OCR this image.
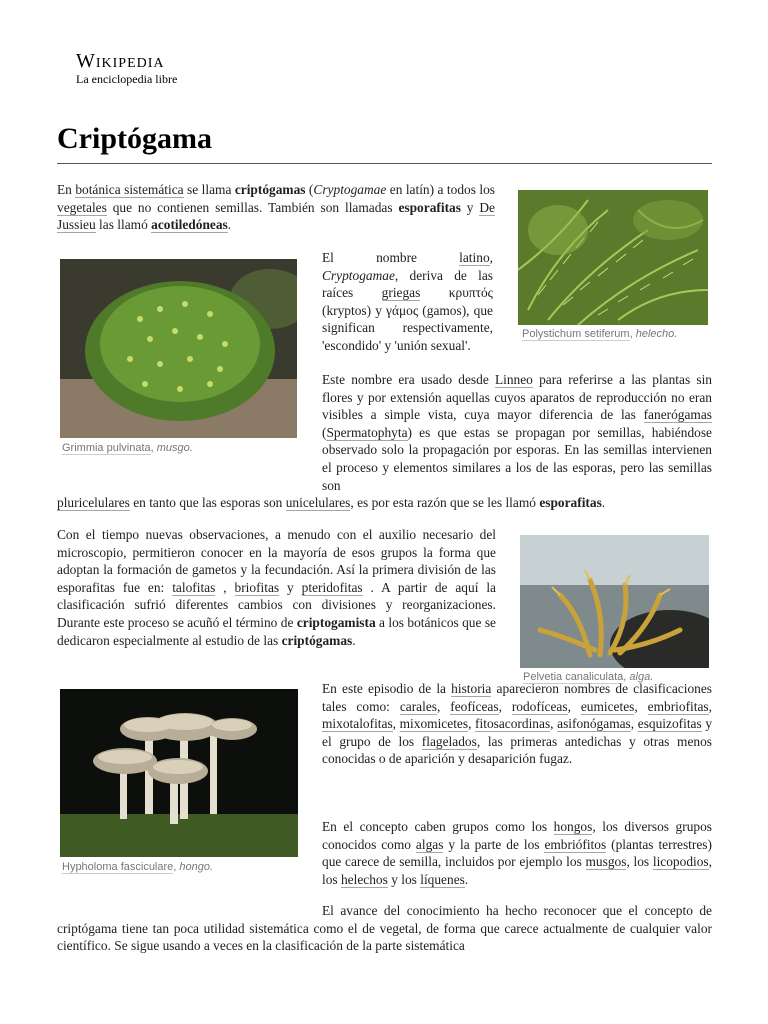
Wikipedia
La enciclopedia libre
Criptógama
En botánica sistemática se llama criptógamas (Cryptogamae en latín) a todos los vegetales que no contienen semillas. También son llamadas esporafitas y De Jussieu las llamó acotiledóneas.
Polystichum setiferum, helecho.
Grimmia pulvinata, musgo.
El nombre latino, Cryptogamae, deriva de las raíces griegas κρυπτός (kryptos) y γάμος (gamos), que significan respectivamente, 'escondido' y 'unión sexual'.
Este nombre era usado desde Linneo para referirse a las plantas sin flores y por extensión aquellas cuyos aparatos de reproducción no eran visibles a simple vista, cuya mayor diferencia de las fanerógamas (Spermatophyta) es que estas se propagan por semillas, habiéndose observado solo la propagación por esporas. En las semillas intervienen el proceso y elementos similares a los de las esporas, pero las semillas son
pluricelulares en tanto que las esporas son unicelulares, es por esta razón que se les llamó esporafitas.
Con el tiempo nuevas observaciones, a menudo con el auxilio necesario del microscopio, permitieron conocer en la mayoría de esos grupos la forma que adoptan la formación de gametos y la fecundación. Así la primera división de las esporafitas fue en: talofitas , briofitas y pteridofitas . A partir de aquí la clasificación sufrió diferentes cambios con divisiones y reorganizaciones. Durante este proceso se acuñó el término de criptogamista a los botánicos que se dedicaron especialmente al estudio de las criptógamas.
Pelvetia canaliculata, alga.
Hypholoma fasciculare, hongo.
En este episodio de la historia aparecieron nombres de clasificaciones tales como: carales, feofíceas, rodofíceas, eumicetes, embriofitas, mixotalofitas, mixomicetes, fitosacordinas, asifonógamas, esquizofitas y el grupo de los flagelados, las primeras antedichas y otras menos conocidas o de aparición y desaparición fugaz.
En el concepto caben grupos como los hongos, los diversos grupos conocidos como algas y la parte de los embriófitos (plantas terrestres) que carece de semilla, incluidos por ejemplo los musgos, los licopodios, los helechos y los líquenes.
El avance del conocimiento ha hecho reconocer que el concepto de criptógama tiene tan poca utilidad sistemática como el de vegetal, de forma que carece actualmente de cualquier valor científico. Se sigue usando a veces en la clasificación de la parte sistemática
